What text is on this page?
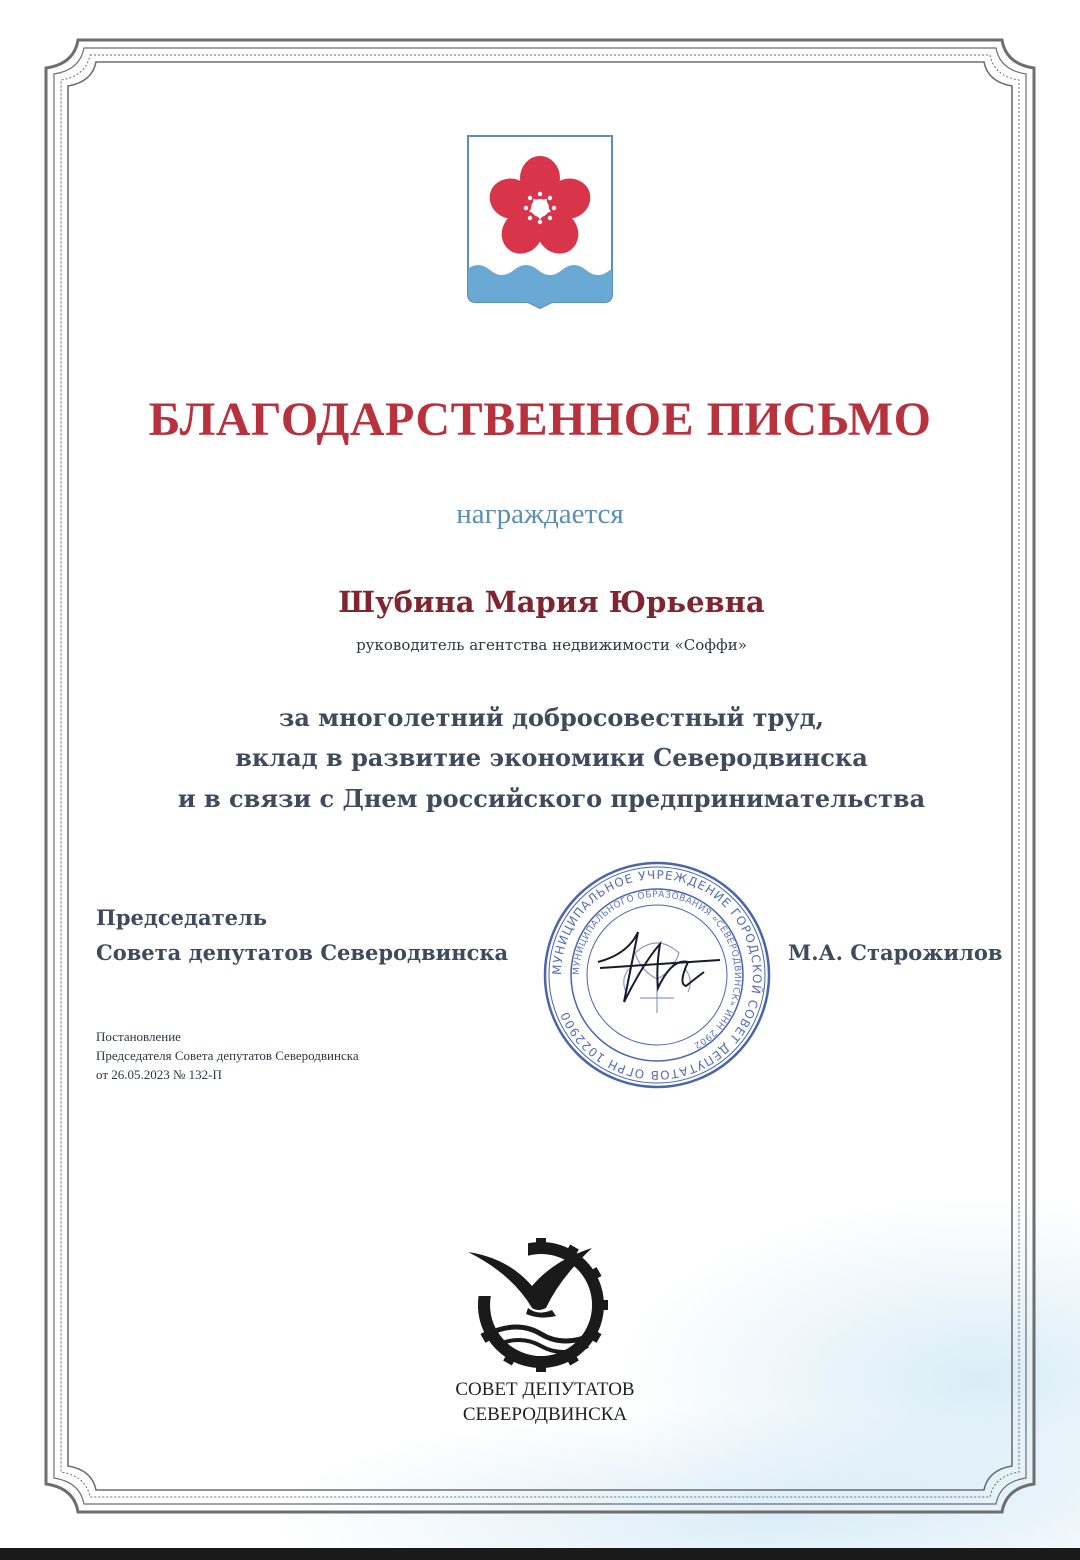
БЛАГОДАРСТВЕННОЕ ПИСЬМО
награждается
Шубина Мария Юрьевна
руководитель агентства недвижимости «Соффи»
за многолетний добросовестный труд,
вклад в развитие экономики Северодвинска
и в связи с Днем российского предпринимательства
Председатель
Совета депутатов Северодвинска
МУНИЦИПАЛЬНОЕ УЧРЕЖДЕНИЕ ГОРОДСКОЙ СОВЕТ ДЕПУТАТОВ ОГРН 1022900
МУНИЦИПАЛЬНОГО ОБРАЗОВАНИЯ «СЕВЕРОДВИНСК» ИНН 2902
М.А. Старожилов
Постановление
Председателя Совета депутатов Северодвинска
от 26.05.2023 № 132-П
СОВЕТ ДЕПУТАТОВ
СЕВЕРОДВИНСКА
